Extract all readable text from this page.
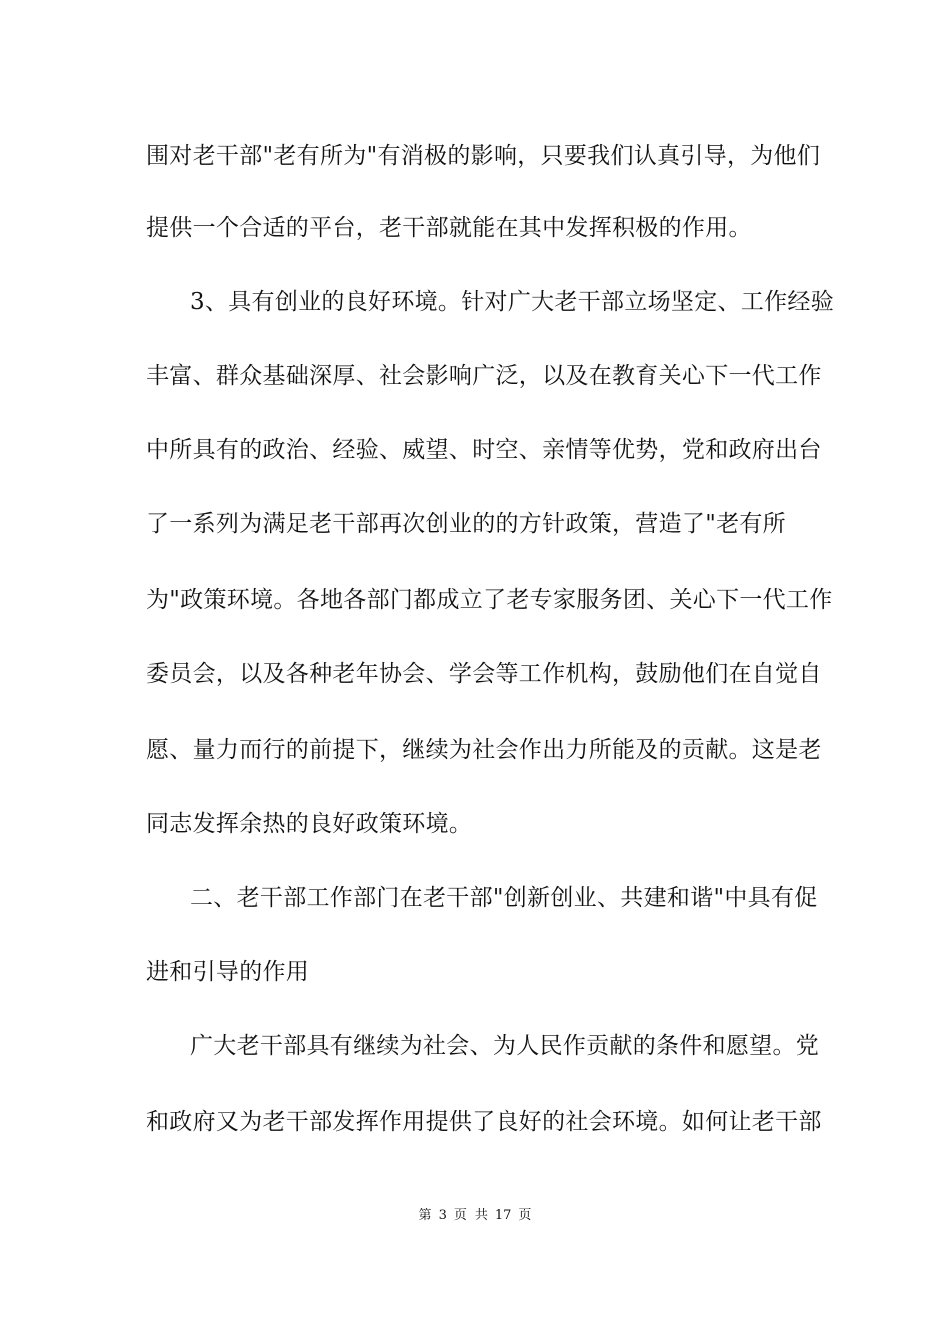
围对老干部"老有所为"有消极的影响，只要我们认真引导，为他们
提供一个合适的平台，老干部就能在其中发挥积极的作用。
3、具有创业的良好环境。针对广大老干部立场坚定、工作经验
丰富、群众基础深厚、社会影响广泛，以及在教育关心下一代工作
中所具有的政治、经验、威望、时空、亲情等优势，党和政府出台
了一系列为满足老干部再次创业的的方针政策，营造了"老有所
为"政策环境。各地各部门都成立了老专家服务团、关心下一代工作
委员会，以及各种老年协会、学会等工作机构，鼓励他们在自觉自
愿、量力而行的前提下，继续为社会作出力所能及的贡献。这是老
同志发挥余热的良好政策环境。
二、老干部工作部门在老干部"创新创业、共建和谐"中具有促
进和引导的作用
广大老干部具有继续为社会、为人民作贡献的条件和愿望。党
和政府又为老干部发挥作用提供了良好的社会环境。如何让老干部
第 3 页 共 17 页
